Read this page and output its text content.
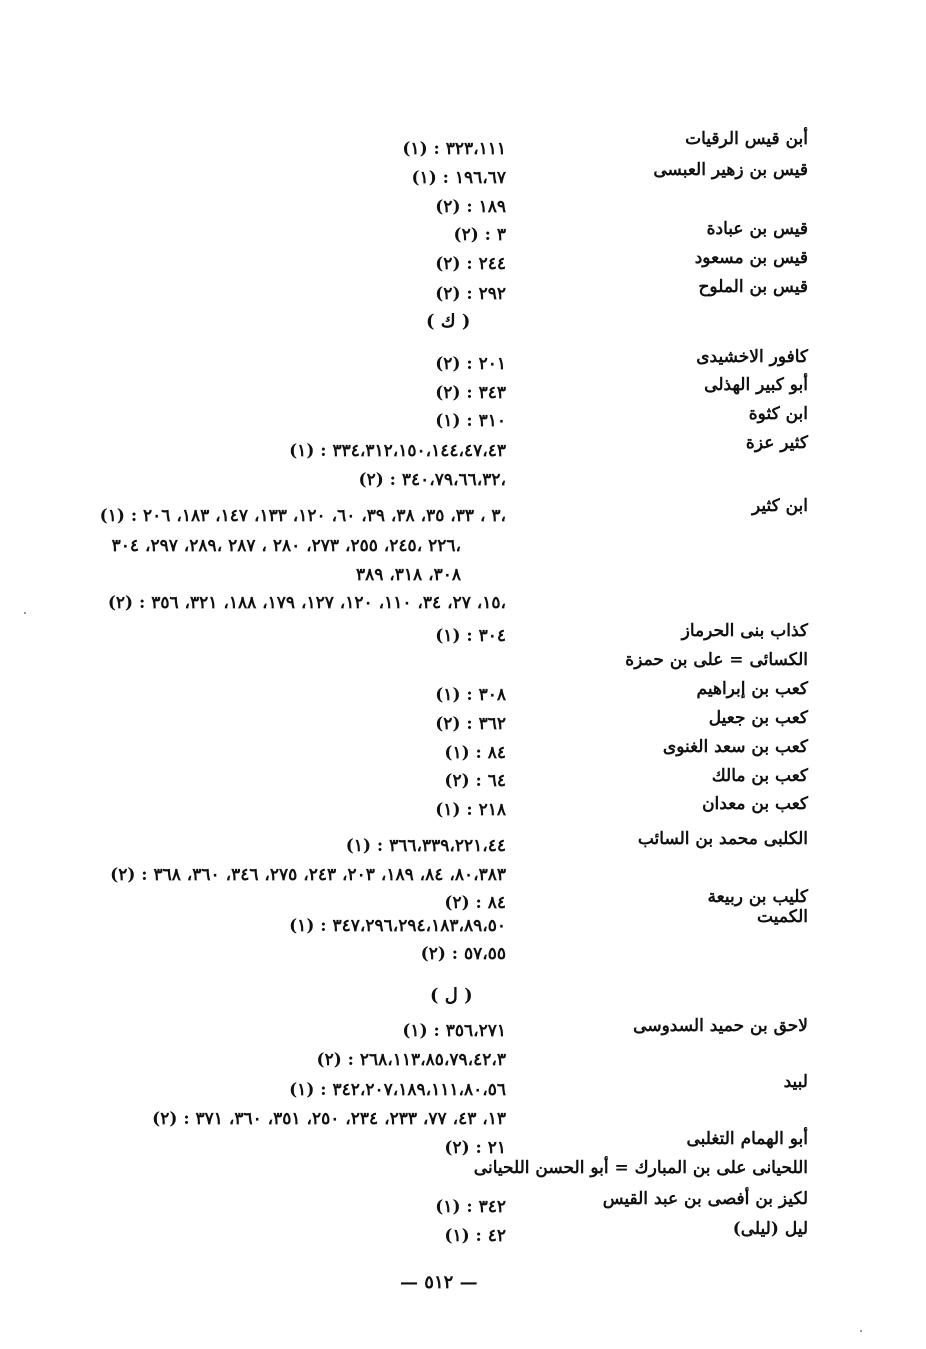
أبن قيس الرقيات
قيس بن زهير العبسى
قيس بن عبادة
قيس بن مسعود
قيس بن الملوح
كافور الاخشيدى
أبو كبير الهذلى
ابن كثوة
كثير عزة
ابن كثير
كذاب بنى الحرماز
الكسائى = على بن حمزة
كعب بن إبراهيم
كعب بن جعيل
كعب بن سعد الغنوى
كعب بن مالك
كعب بن معدان
الكلبى محمد بن السائب
كليب بن ربيعة
الكميت
لاحق بن حميد السدوسى
لبيد
أبو الهمام التغلبى
اللحيانى على بن المبارك = أبو الحسن اللحيانى
لكيز بن أفصى بن عبد القيس
ليل (ليلى)
( ك )
( ل )
(١) : ٣٢٣،١١١
(١) : ١٩٦،٦٧
(٢) : ١٨٩
(٢) : ٣
(٢) : ٢٤٤
(٢) : ٢٩٢
(٢) : ٢٠١
(٢) : ٣٤٣
(١) : ٣١٠
(١) : ٣٣٤،٣١٢،١٥٠،١٤٤،٤٧،٤٣
(٢) : ٣٤٠،٧٩،٦٦،٣٢،
(١) : ٣ ، ٣٣، ٣٥، ٣٨، ٣٩، ٦٠، ١٢٠، ١٣٣، ١٤٧، ١٨٣، ٢٠٦،
٢٢٦ ،٢٤٥، ٢٥٥، ٢٧٣، ٢٨٠ ، ٢٨٧ ،٢٨٩، ٢٩٧، ٣٠٤،
٣٠٨، ٣١٨، ٣٨٩
(٢) : ١٥، ٢٧، ٣٤، ١١٠، ١٢٠، ١٢٧، ١٧٩، ١٨٨، ٣٢١، ٣٥٦،
(١) : ٣٠٤
(١) : ٣٠٨
(٢) : ٣٦٢
(١) : ٨٤
(٢) : ٦٤
(١) : ٢١٨
(١) : ٣٦٦،٣٣٩،٢٢١،٤٤
(٢) : ٨٠،٣٨٣، ٨٤، ١٨٩، ٢٠٣، ٢٤٣، ٢٧٥، ٣٤٦، ٣٦٠، ٣٦٨
(٢) : ٨٤
(١) : ٣٤٧،٢٩٦،٢٩٤،١٨٣،٨٩،٥٠
(٢) : ٥٧،٥٥
(١) : ٣٥٦،٢٧١
(٢) : ٢٦٨،١١٣،٨٥،٧٩،٤٢،٣
(١) : ٣٤٢،٢٠٧،١٨٩،١١١،٨٠،٥٦
(٢) : ١٣، ٤٣، ٧٧، ٢٣٣، ٢٣٤، ٢٥٠، ٣٥١، ٣٦٠، ٣٧١
(٢) : ٢١
(١) : ٣٤٢
(١) : ٤٢
— ٥١٢ —
